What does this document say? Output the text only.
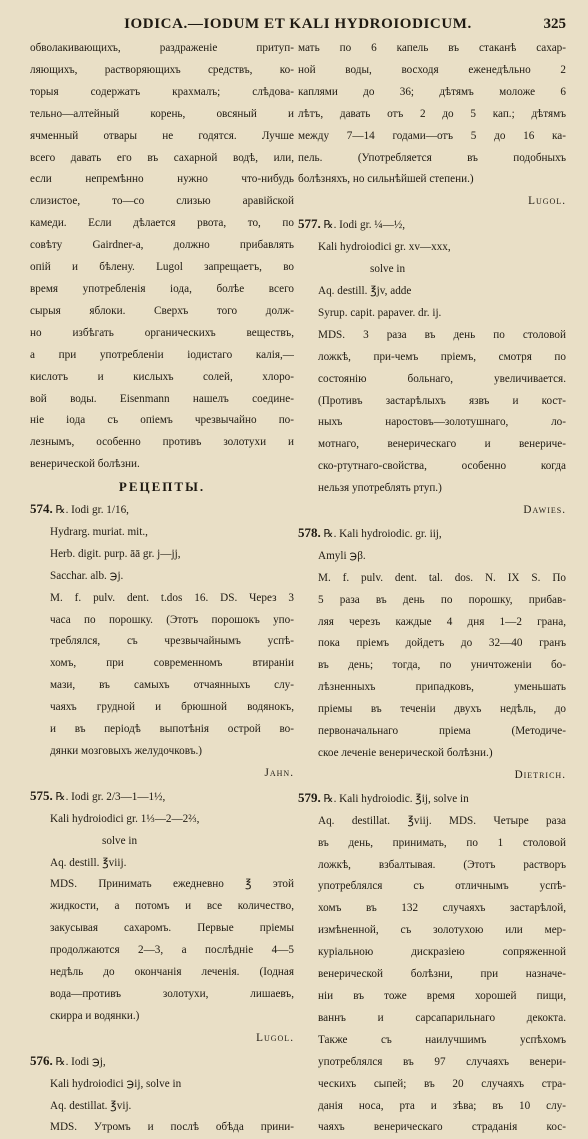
IODICA.—IODUM ET KALI HYDROIODICUM.	325
обволакивающихъ, раздраженіе притуп-
ляющихъ, растворяющихъ средствъ, ко-
торыя содержатъ крахмалъ; слѣдова-
тельно—алтейный корень, овсяный и
ячменный отвары не годятся. Лучше
всего давать его въ сахарной водѣ, или,
если непремѣнно нужно что-нибудь
слизистое, то—со слизью аравійской
камеди. Если дѣлается рвота, то, по
совѣту Gairdner-a, должно прибавлять
опій и бѣлену. Lugol запрещаетъ, во
время употребленія іода, болѣе всего
сырыя яблоки. Сверхъ того долж-
но избѣгать органическихъ веществъ,
а при употребленіи іодистаго калія,—
кислотъ и кислыхъ солей, хлоро-
вой воды. Eisenmann нашелъ соедине-
ніе іода съ опіемъ чрезвычайно по-
лезнымъ, особенно противъ золотухи и
венерической болѣзни.
РЕЦЕПТЫ.
574. ℞. Iodi gr. 1/16,
Hydrarg. muriat. mit.,
Herb. digit. purp. āā gr. j—jj,
Sacchar. alb. ℈j.
M. f. pulv. dent. t.dos 16. DS. Через 3
часа по порошку. (Этотъ порошокъ упо-
треблялся, съ чрезвычайнымъ успѣ-
хомъ, при современномъ втираніи
мази, въ самыхъ отчаянныхъ слу-
чаяхъ грудной и брюшной водянокъ,
и въ періодѣ выпотѣнія острой во-
дянки мозговыхъ желудочковъ.)
Jahn.
575. ℞. Iodi gr. 2/3—1—1½,
Kali hydroiodici gr. 1⅓—2—2⅔,
solve in
Aq. destill. ℥viij.
MDS. Принимать ежедневно ℥ этой
жидкости, а потомъ и все количество,
закусывая сахаромъ. Первые пріемы
продолжаются 2—3, а послѣдніе 4—5
недѣль до окончанія леченія. (Іодная
вода—противъ золотухи, лишаевъ,
скирра и водянки.)
Lugol.
576. ℞. Iodi ℈j,
Kali hydroiodici ℈ij, solve in
Aq. destillat. ℥vij.
MDS. Утромъ и послѣ обѣда прини-
мать по 6 капель въ стаканѣ сахар-
ной воды, восходя еженедѣльно 2
каплями до 36; дѣтямъ моложе 6
лѣтъ, давать отъ 2 до 5 кап.; дѣтямъ
между 7—14 годами—отъ 5 до 16 ка-
пель. (Употребляется въ подобныхъ
болѣзняхъ, но сильнѣйшей степени.)
Lugol.
577. ℞. Iodi gr. ¼—½,
Kali hydroiodici gr. xv—xxx,
solve in
Aq. destill. ℥jv, adde
Syrup. capit. papaver. dr. ij.
MDS. 3 раза въ день по столовой
ложкѣ, при-чемъ пріемъ, смотря по
состоянію больнаго, увеличивается.
(Противъ застарѣлыхъ язвъ и кост-
ныхъ наростовъ—золотушнаго, ло-
мотнаго, венерическаго и венериче-
ско-ртутнаго-свойства, особенно когда
нельзя употреблять ртуп.)
Dawies.
578. ℞. Kali hydroiodic. gr. iij,
Amyli ℈β.
M. f. pulv. dent. tal. dos. N. IX S. По
5 раза въ день по порошку, прибав-
ляя черезъ каждые 4 дня 1—2 грана,
пока пріемъ дойдетъ до 32—40 гранъ
въ день; тогда, по уничтоженіи бо-
лѣзненныхъ припадковъ, уменьшать
пріемы въ теченіи двухъ недѣль, до
первоначальнаго пріема (Методиче-
ское леченіе венерической болѣзни.)
Dietrich.
579. ℞. Kali hydroiodic. ℥ij, solve in
Aq. destillat. ℥viij. MDS. Четыре раза
въ день, принимать, по 1 столовой
ложкѣ, взбалтывая. (Этотъ растворъ
употреблялся съ отличнымъ успѣ-
хомъ въ 132 случаяхъ застарѣлой,
измѣненной, съ золотухою или мер-
куріальною дискразіею сопряженной
венерической болѣзни, при назначе-
ніи въ тоже время хорошей пищи,
ваннъ и сарсапарильнаго декокта.
Также съ наилучшимъ успѣхомъ
употреблялся въ 97 случаяхъ венери-
ческихъ сыпей; въ 20 случаяхъ стра-
данія носа, рта и зѣва; въ 10 слу-
чаяхъ венерическаго страданія кос-
